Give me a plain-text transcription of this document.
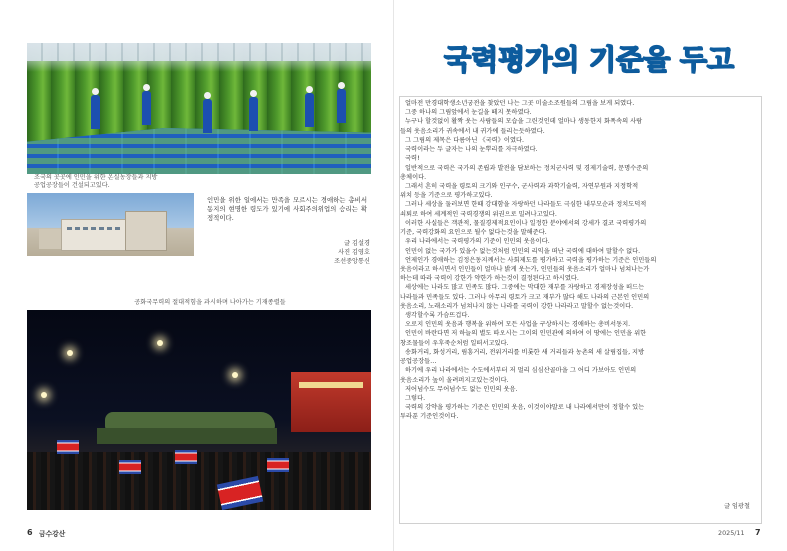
조국의 곳곳에 인민을 위한 온실농장들과 지방
공업공장들이 건설되고있다.
인민을 위한 일에서는 만족을 모르시는 경애하는 총비서동지의 현명한 령도가 있기에 사회주의위업의 승리는 확정적이다.
글 김설경
사진 김영호
조선중앙통신
공화국무력의 절대적힘을 과시하며 나아가는 기재종렬들
6 금수강산
국력평가의 기준을 두고

얼마전 만경대학생소년궁전을 찾았던 나는 그곳 미술소조원들의 그림을 보게 되였다.

그중 하나의 그림앞에서 눈길을 떼지 못하였다.

누구나 할것없이 활짝 웃는 사람들의 모습을 그린것인데 얼마나 생동한지 화폭속의 사람

들의 웃음소리가 귀속에서 내 귀가에 들리는듯하였다.

그 그림의 제목은 다름아닌 《국력》이였다.

국력이라는 두 글자는 나의 눈뿌리를 자극하였다.

국력!

일반적으로 국력은 국가의 존립과 발전을 담보하는 정치군사력 및 경제기술력, 문명수준의

총체이다.

그래서 흔히 국력을 령토의 크기와 인구수, 군사력과 과학기술력, 자연부원과 지정학적

위치 등을 기준으로 평가하고있다.

그러나 세상을 둘러보면 한때 강대함을 자랑하던 나라들도 극심한 내부모순과 정치도덕적

쇠퇴로 하여 세계적인 국력경쟁의 위권으로 밀려나고있다.

이러한 사실들은 객관적, 물질경제적요인이나 일정한 분야에서의 강세가 결코 국력평가의

기준, 국력강화의 요인으로 될수 없다는것을 말해준다.

우리 나라에서는 국력평가의 기준이 인민의 웃음이다.

인민이 없는 국가가 있을수 없는것처럼 인민의 리익을 떠난 국력에 대하여 말할수 없다.

언제인가 경애하는 김정은동지께서는 사회제도를 평가하고 국력을 평가하는 기준은 인민들의

웃음이라고 하시면서 인민들이 얼마나 밝게 웃는가, 인민들의 웃음소리가 얼마나 넘쳐나는가

하는데 따라 국력이 강한가 약한가 하는것이 결정된다고 하시였다.

세상에는 나라도 많고 민족도 많다. 그중에는 막대한 재부를 자랑하고 경제장성을 떠드는

나라들과 민족들도 있다. 그러나 아무리 령토가 크고 재부가 많다 해도 나라의 근본인 인민의

웃음소리, 노래소리가 넘쳐나지 않는 나라를 국력이 강한 나라라고 말할수 없는것이다.

생각할수록 가슴뜨겁다.

오로지 인민의 웃음과 행복을 위하여 모든 사업을 구상하시는 경애하는 총비서동지.

인민이 바란다면 저 하늘의 별도 따오시는 그이의 인민관에 의하여 이 땅에는 인민을 위한

창조물들이 우후죽순처럼 일떠서고있다.

송화거리, 화성거리, 림흥거리, 전위거리를 비롯한 새 거리들과 농촌의 새 살림집들, 지방

공업공장들…

하기에 우리 나라에서는 수도에서부터 저 멀리 심심산골마을 그 어디 가보아도 인민의

웃음소리가 높이 울려퍼지고있는것이다.

저어넘수도 무어넘수도 없는 인민의 웃음.

그렇다.

국력의 강약을 평가하는 기준은 인민의 웃음, 이것이야말로 내 나라에서만이 정할수 있는

투라푼 기준인것이다.

글 임광철
2025/11 7
